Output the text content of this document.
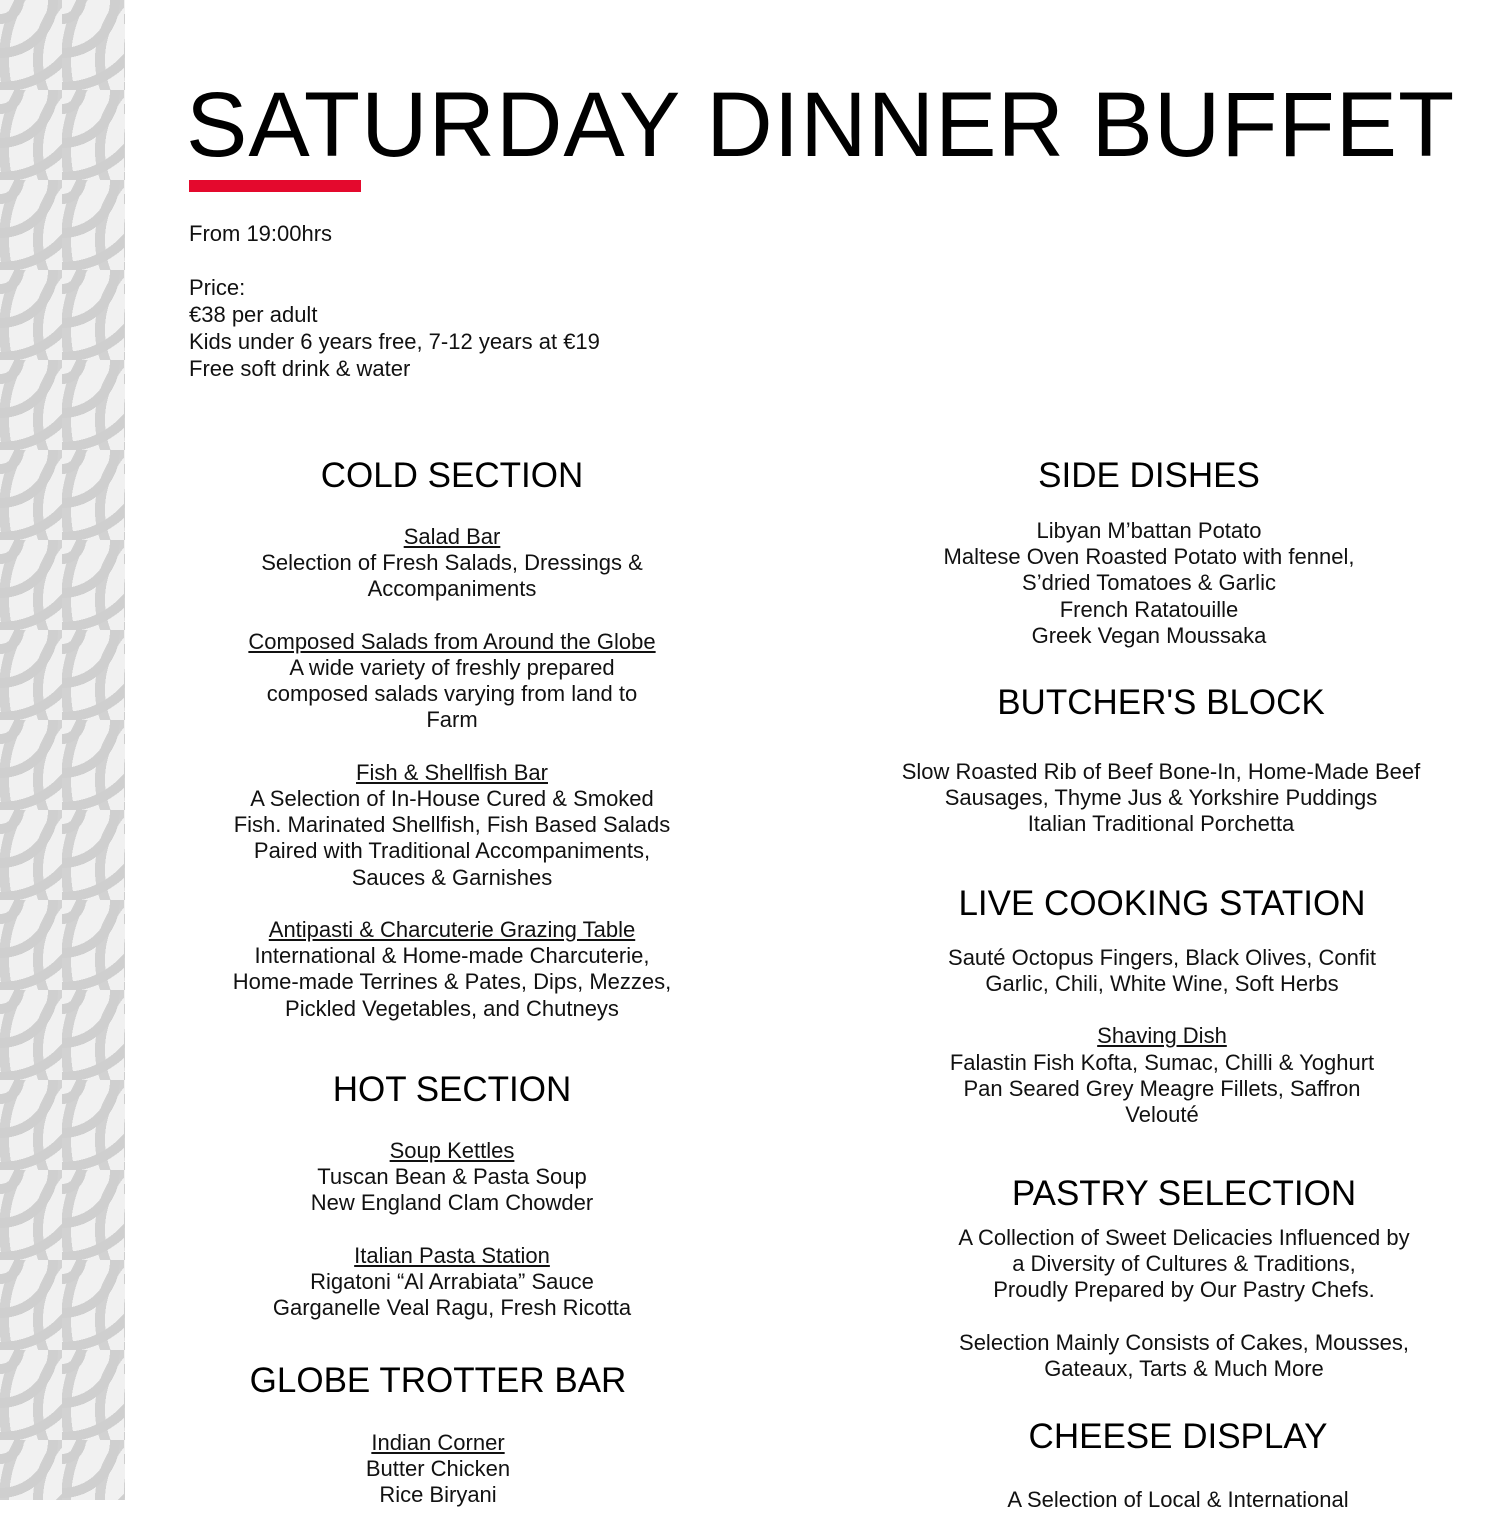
SATURDAY DINNER BUFFET
From 19:00hrs
Price:
€38 per adult
Kids under 6 years free, 7-12 years at €19
Free soft drink & water
COLD SECTION
Salad Bar
Selection of Fresh Salads, Dressings &
Accompaniments
Composed Salads from Around the Globe
A wide variety of freshly prepared
composed salads varying from land to
Farm
Fish & Shellfish Bar
A Selection of In-House Cured & Smoked
Fish. Marinated Shellfish, Fish Based Salads
Paired with Traditional Accompaniments,
Sauces & Garnishes
Antipasti & Charcuterie Grazing Table
International & Home-made Charcuterie,
Home-made Terrines & Pates, Dips, Mezzes,
Pickled Vegetables, and Chutneys
HOT SECTION
Soup Kettles
Tuscan Bean & Pasta Soup
New England Clam Chowder
Italian Pasta Station
Rigatoni “Al Arrabiata” Sauce
Garganelle Veal Ragu, Fresh Ricotta
GLOBE TROTTER BAR
Indian Corner
Butter Chicken
Rice Biryani
SIDE DISHES
Libyan M’battan Potato
Maltese Oven Roasted Potato with fennel,
S’dried Tomatoes & Garlic
French Ratatouille
Greek Vegan Moussaka
BUTCHER'S BLOCK
Slow Roasted Rib of Beef Bone-In, Home-Made Beef
Sausages, Thyme Jus & Yorkshire Puddings
Italian Traditional Porchetta
LIVE COOKING STATION
Sauté Octopus Fingers, Black Olives, Confit
Garlic, Chili, White Wine, Soft Herbs
Shaving Dish
Falastin Fish Kofta, Sumac, Chilli & Yoghurt
Pan Seared Grey Meagre Fillets, Saffron
Velouté
PASTRY SELECTION
A Collection of Sweet Delicacies Influenced by
a Diversity of Cultures & Traditions,
Proudly Prepared by Our Pastry Chefs.
Selection Mainly Consists of Cakes, Mousses,
Gateaux, Tarts & Much More
CHEESE DISPLAY
A Selection of Local & International
